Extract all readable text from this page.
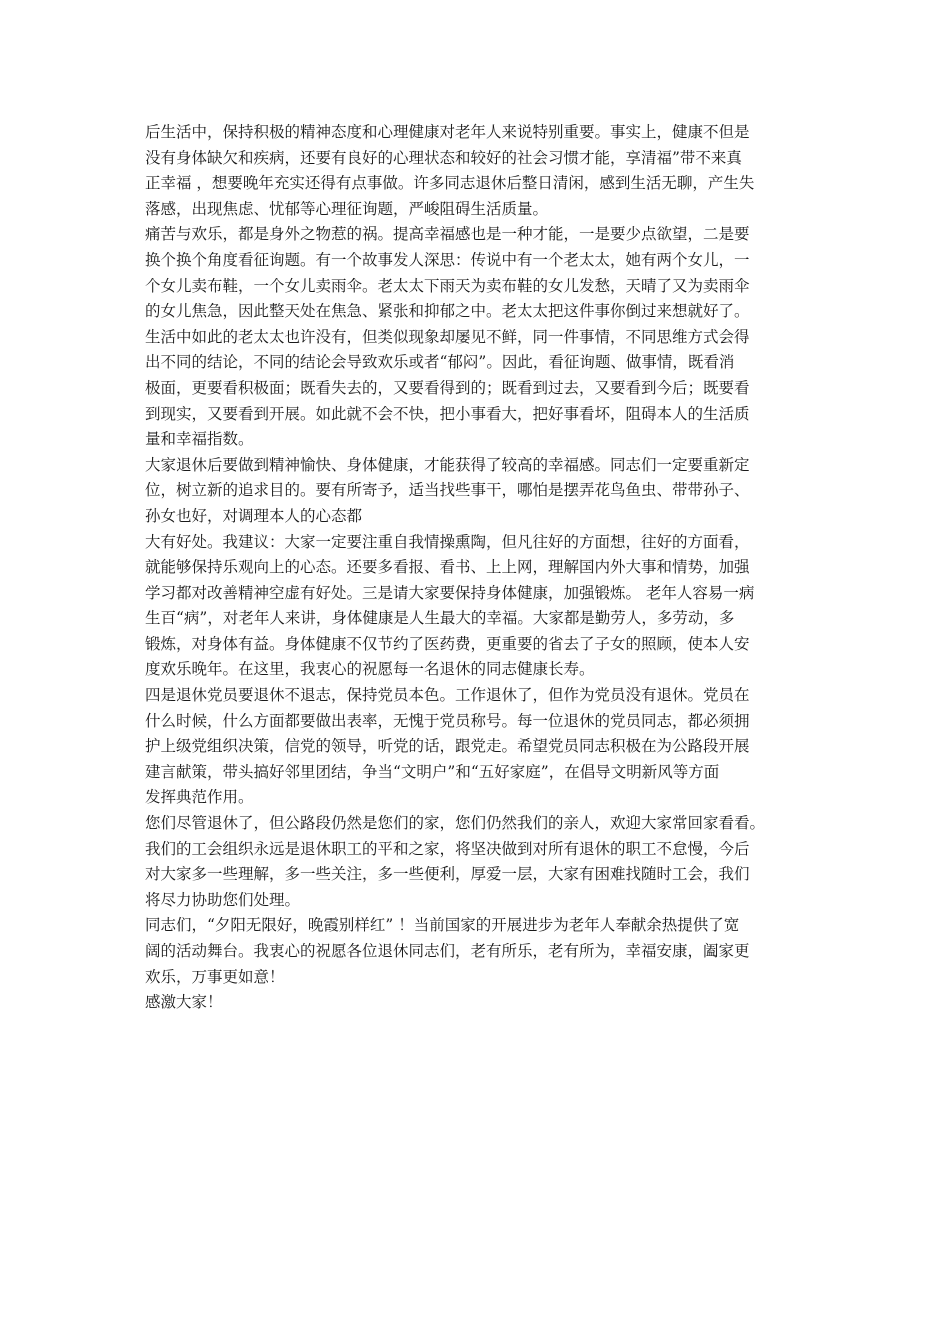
后生活中，保持积极的精神态度和心理健康对老年人来说特别重要。事实上，健康不但是
没有身体缺欠和疾病，还要有良好的心理状态和较好的社会习惯才能，享清福”带不来真
正幸福 ，想要晚年充实还得有点事做。许多同志退休后整日清闲，感到生活无聊，产生失
落感，出现焦虑、忧郁等心理征询题，严峻阻碍生活质量。
痛苦与欢乐，都是身外之物惹的祸。提高幸福感也是一种才能，一是要少点欲望，二是要
换个换个角度看征询题。有一个故事发人深思：传说中有一个老太太，她有两个女儿，一
个女儿卖布鞋，一个女儿卖雨伞。老太太下雨天为卖布鞋的女儿发愁，天晴了又为卖雨伞
的女儿焦急，因此整天处在焦急、紧张和抑郁之中。老太太把这件事你倒过来想就好了。
生活中如此的老太太也许没有，但类似现象却屡见不鲜，同一件事情，不同思维方式会得
出不同的结论，不同的结论会导致欢乐或者“郁闷”。因此，看征询题、做事情，既看消
极面，更要看积极面；既看失去的，又要看得到的；既看到过去，又要看到今后；既要看
到现实，又要看到开展。如此就不会不快，把小事看大，把好事看坏，阻碍本人的生活质
量和幸福指数。
大家退休后要做到精神愉快、身体健康，才能获得了较高的幸福感。同志们一定要重新定
位，树立新的追求目的。要有所寄予，适当找些事干，哪怕是摆弄花鸟鱼虫、带带孙子、
孙女也好，对调理本人的心态都
大有好处。我建议：大家一定要注重自我情操熏陶，但凡往好的方面想，往好的方面看，
就能够保持乐观向上的心态。还要多看报、看书、上上网，理解国内外大事和情势，加强
学习都对改善精神空虚有好处。三是请大家要保持身体健康，加强锻炼。 老年人容易一病
生百“病”，对老年人来讲，身体健康是人生最大的幸福。大家都是勤劳人，多劳动，多
锻炼，对身体有益。身体健康不仅节约了医药费，更重要的省去了子女的照顾，使本人安
度欢乐晚年。在这里，我衷心的祝愿每一名退休的同志健康长寿。
四是退休党员要退休不退志，保持党员本色。工作退休了，但作为党员没有退休。党员在
什么时候，什么方面都要做出表率，无愧于党员称号。每一位退休的党员同志，都必须拥
护上级党组织决策，信党的领导，听党的话，跟党走。希望党员同志积极在为公路段开展
建言献策，带头搞好邻里团结，争当“文明户”和“五好家庭”，在倡导文明新风等方面
发挥典范作用。
您们尽管退休了，但公路段仍然是您们的家，您们仍然我们的亲人，欢迎大家常回家看看。
我们的工会组织永远是退休职工的平和之家，将坚决做到对所有退休的职工不怠慢，今后
对大家多一些理解，多一些关注，多一些便利，厚爱一层，大家有困难找随时工会，我们
将尽力协助您们处理。
同志们，“夕阳无限好，晚霞别样红” ！当前国家的开展进步为老年人奉献余热提供了宽
阔的活动舞台。我衷心的祝愿各位退休同志们，老有所乐，老有所为，幸福安康，阖家更
欢乐，万事更如意！
感激大家！
